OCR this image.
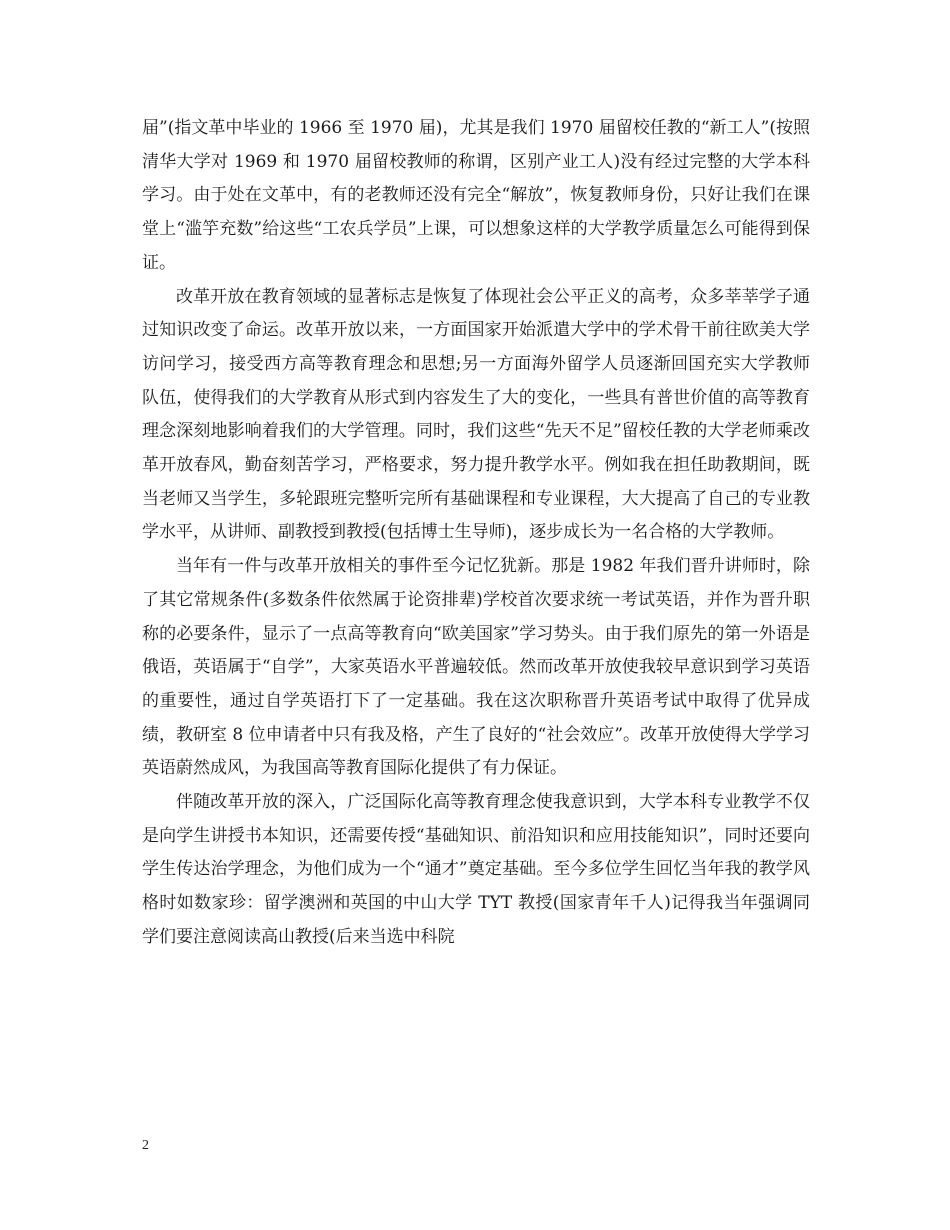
届”(指文革中毕业的 1966 至 1970 届)，尤其是我们 1970 届留校任教的“新工人”(按照清华大学对 1969 和 1970 届留校教师的称谓，区别产业工人)没有经过完整的大学本科学习。由于处在文革中，有的老教师还没有完全“解放”，恢复教师身份，只好让我们在课堂上“滥竽充数”给这些“工农兵学员”上课，可以想象这样的大学教学质量怎么可能得到保证。

改革开放在教育领域的显著标志是恢复了体现社会公平正义的高考，众多莘莘学子通过知识改变了命运。改革开放以来，一方面国家开始派遣大学中的学术骨干前往欧美大学访问学习，接受西方高等教育理念和思想;另一方面海外留学人员逐渐回国充实大学教师队伍，使得我们的大学教育从形式到内容发生了大的变化，一些具有普世价值的高等教育理念深刻地影响着我们的大学管理。同时，我们这些“先天不足”留校任教的大学老师乘改革开放春风，勤奋刻苦学习，严格要求，努力提升教学水平。例如我在担任助教期间，既当老师又当学生，多轮跟班完整听完所有基础课程和专业课程，大大提高了自己的专业教学水平，从讲师、副教授到教授(包括博士生导师)，逐步成长为一名合格的大学教师。

当年有一件与改革开放相关的事件至今记忆犹新。那是 1982 年我们晋升讲师时，除了其它常规条件(多数条件依然属于论资排辈)学校首次要求统一考试英语，并作为晋升职称的必要条件，显示了一点高等教育向“欧美国家”学习势头。由于我们原先的第一外语是俄语，英语属于“自学”，大家英语水平普遍较低。然而改革开放使我较早意识到学习英语的重要性，通过自学英语打下了一定基础。我在这次职称晋升英语考试中取得了优异成绩，教研室 8 位申请者中只有我及格，产生了良好的“社会效应”。改革开放使得大学学习英语蔚然成风，为我国高等教育国际化提供了有力保证。

伴随改革开放的深入，广泛国际化高等教育理念使我意识到，大学本科专业教学不仅是向学生讲授书本知识，还需要传授“基础知识、前沿知识和应用技能知识”，同时还要向学生传达治学理念，为他们成为一个“通才”奠定基础。至今多位学生回忆当年我的教学风格时如数家珍：留学澳洲和英国的中山大学 TYT 教授(国家青年千人)记得我当年强调同学们要注意阅读高山教授(后来当选中科院

2
